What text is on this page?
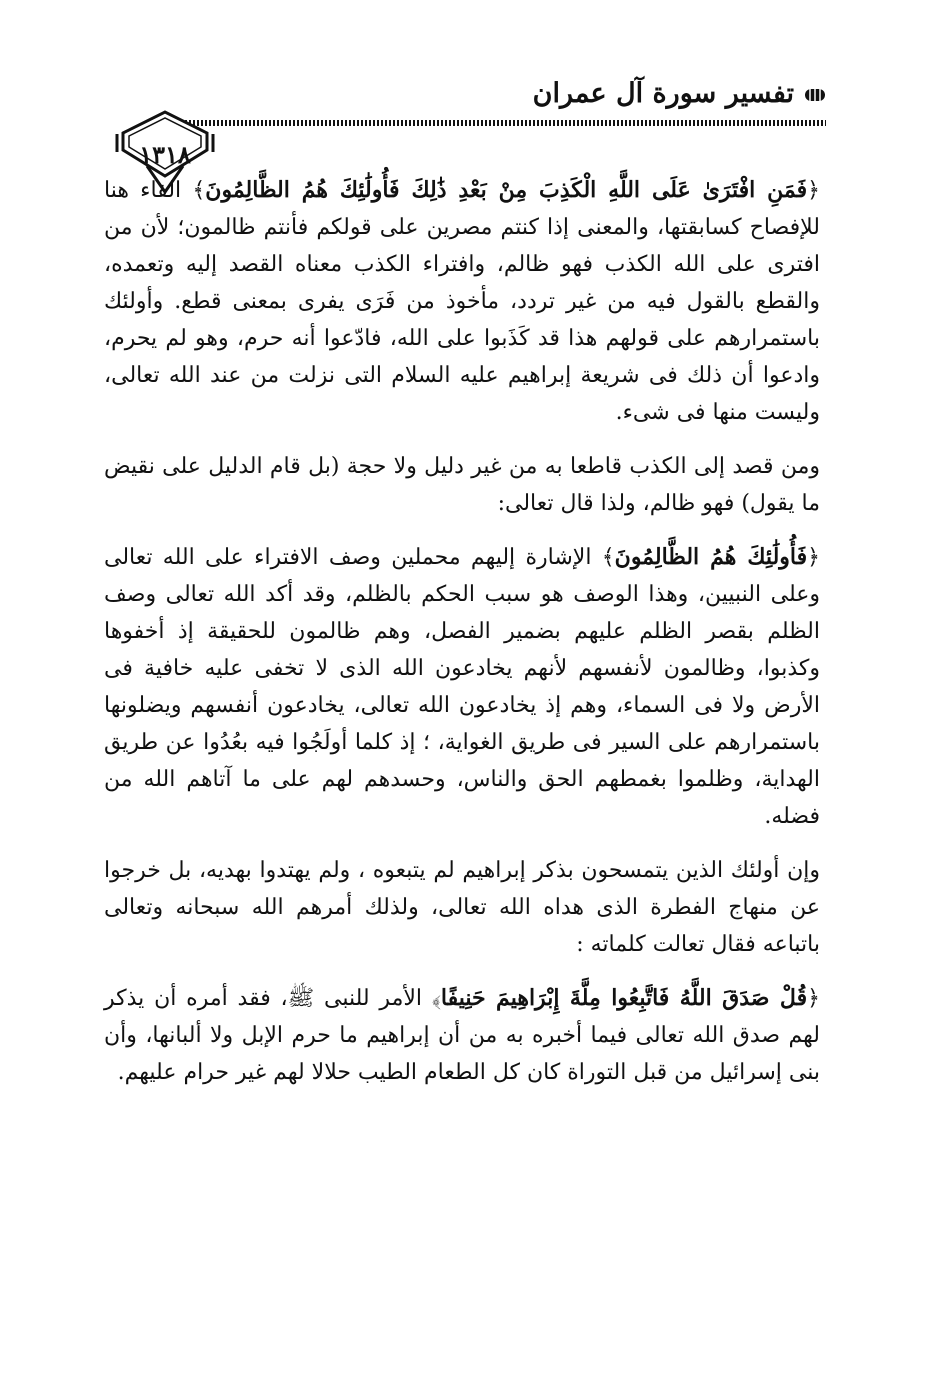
تفسير سورة آل عمران
١٣١٨

﴿فَمَنِ افْتَرَىٰ عَلَى اللَّهِ الْكَذِبَ مِنْ بَعْدِ ذَٰلِكَ فَأُولَٰئِكَ هُمُ الظَّالِمُونَ﴾ الفاء هنا للإفصاح كسابقتها، والمعنى إذا كنتم مصرين على قولكم فأنتم ظالمون؛ لأن من افترى على الله الكذب فهو ظالم، وافتراء الكذب معناه القصد إليه وتعمده، والقطع بالقول فيه من غير تردد، مأخوذ من فَرَى يفرى بمعنى قطع. وأولئك باستمرارهم على قولهم هذا قد كَذَبوا على الله، فادّعوا أنه حرم، وهو لم يحرم، وادعوا أن ذلك فى شريعة إبراهيم عليه السلام التى نزلت من عند الله تعالى، وليست منها فى شىء.

ومن قصد إلى الكذب قاطعا به من غير دليل ولا حجة (بل قام الدليل على نقيض ما يقول) فهو ظالم، ولذا قال تعالى:

﴿فَأُولَٰئِكَ هُمُ الظَّالِمُونَ﴾ الإشارة إليهم محملين وصف الافتراء على الله تعالى وعلى النبيين، وهذا الوصف هو سبب الحكم بالظلم، وقد أكد الله تعالى وصف الظلم بقصر الظلم عليهم بضمير الفصل، وهم ظالمون للحقيقة إذ أخفوها وكذبوا، وظالمون لأنفسهم لأنهم يخادعون الله الذى لا تخفى عليه خافية فى الأرض ولا فى السماء، وهم إذ يخادعون الله تعالى، يخادعون أنفسهم ويضلونها باستمرارهم على السير فى طريق الغواية، ؛ إذ كلما أولَجُوا فيه بعُدُوا عن طريق الهداية، وظلموا بغمطهم الحق والناس، وحسدهم لهم على ما آتاهم الله من فضله.

وإن أولئك الذين يتمسحون بذكر إبراهيم لم يتبعوه ، ولم يهتدوا بهديه، بل خرجوا عن منهاج الفطرة الذى هداه الله تعالى، ولذلك أمرهم الله سبحانه وتعالى باتباعه فقال تعالت كلماته :

﴿قُلْ صَدَقَ اللَّهُ فَاتَّبِعُوا مِلَّةَ إِبْرَاهِيمَ حَنِيفًا﴾ الأمر للنبى ﷺ، فقد أمره أن يذكر لهم صدق الله تعالى فيما أخبره به من أن إبراهيم ما حرم الإبل ولا ألبانها، وأن بنى إسرائيل من قبل التوراة كان كل الطعام الطيب حلالا لهم غير حرام عليهم.
